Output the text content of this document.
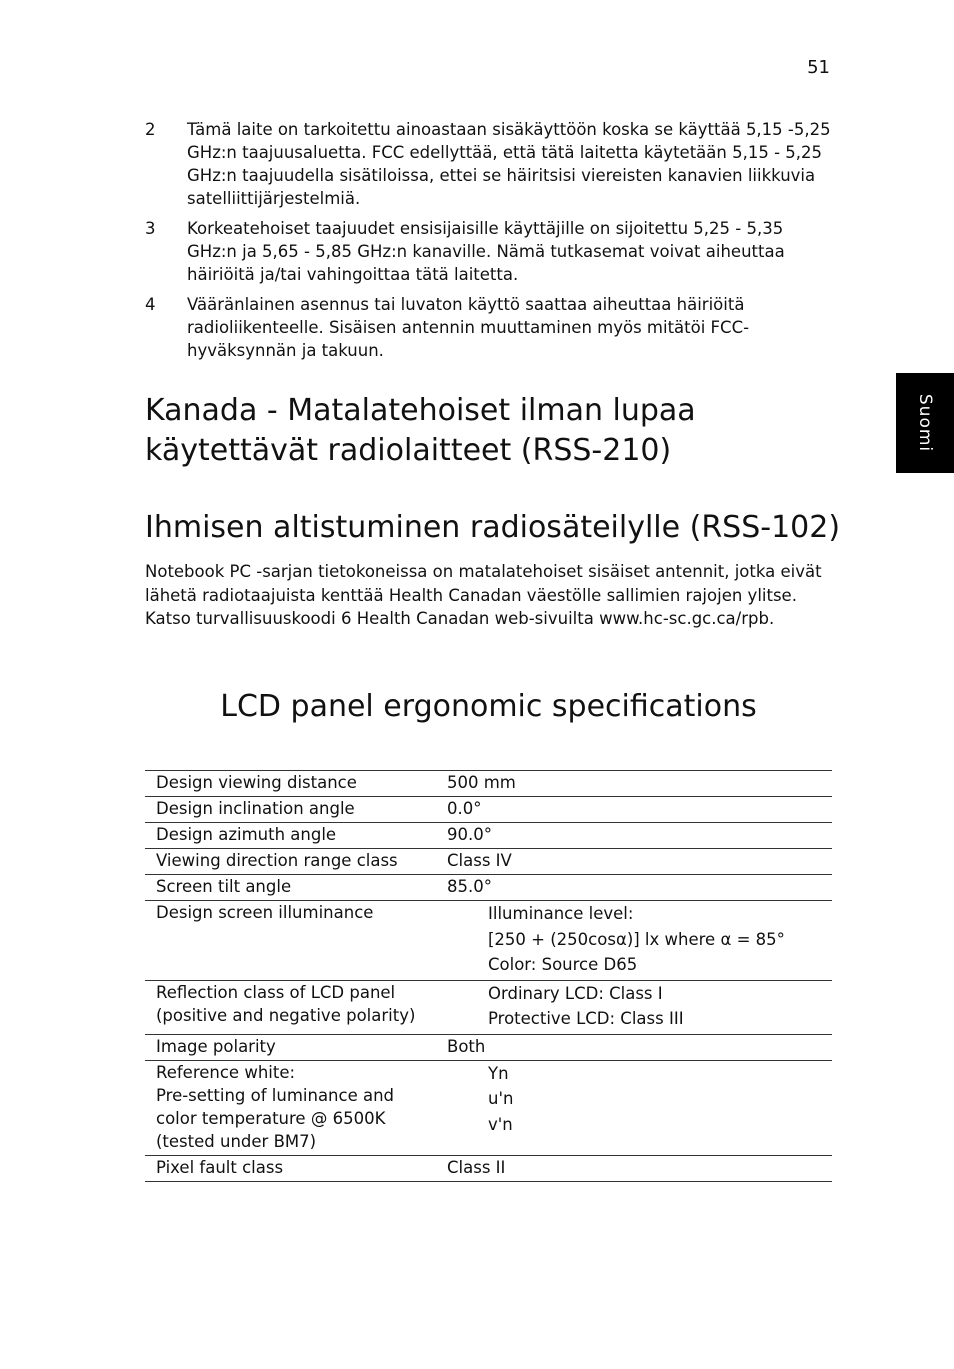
51
Suomi
2	Tämä laite on tarkoitettu ainoastaan sisäkäyttöön koska se käyttää 5,15 -5,25 GHz:n taajuusaluetta. FCC edellyttää, että tätä laitetta käytetään 5,15 - 5,25 GHz:n taajuudella sisätiloissa, ettei se häiritsisi viereisten kanavien liikkuvia satelliittijärjestelmiä.
3	Korkeatehoiset taajuudet ensisijaisille käyttäjille on sijoitettu 5,25 - 5,35 GHz:n ja 5,65 - 5,85 GHz:n kanaville. Nämä tutkasemat voivat aiheuttaa häiriöitä ja/tai vahingoittaa tätä laitetta.
4	Vääränlainen asennus tai luvaton käyttö saattaa aiheuttaa häiriöitä radioliikenteelle. Sisäisen antennin muuttaminen myös mitätöi FCC-hyväksynnän ja takuun.
Kanada - Matalatehoiset ilman lupaa käytettävät radiolaitteet (RSS-210)
Ihmisen altistuminen radiosäteilylle (RSS-102)

Notebook PC -sarjan tietokoneissa on matalatehoiset sisäiset antennit, jotka eivät lähetä radiotaajuista kenttää Health Canadan väestölle sallimien rajojen ylitse. Katso turvallisuuskoodi 6 Health Canadan web-sivuilta www.hc-sc.gc.ca/rpb.

LCD panel ergonomic specifications
Design viewing distance	500 mm

Design inclination angle	0.0°

Design azimuth angle	90.0°

Viewing direction range class	Class IV

Screen tilt angle	85.0°

Design screen illuminance	Illuminance level:
[250 + (250cosα)] lx where α = 85°
Color: Source D65

Reflection class of LCD panel
(positive and negative polarity)	Ordinary LCD: Class I
Protective LCD: Class III

Image polarity	Both

Reference white:
Pre-setting of luminance and
color temperature @ 6500K
(tested under BM7)	Yn
u'n
v'n

Pixel fault class	Class II
